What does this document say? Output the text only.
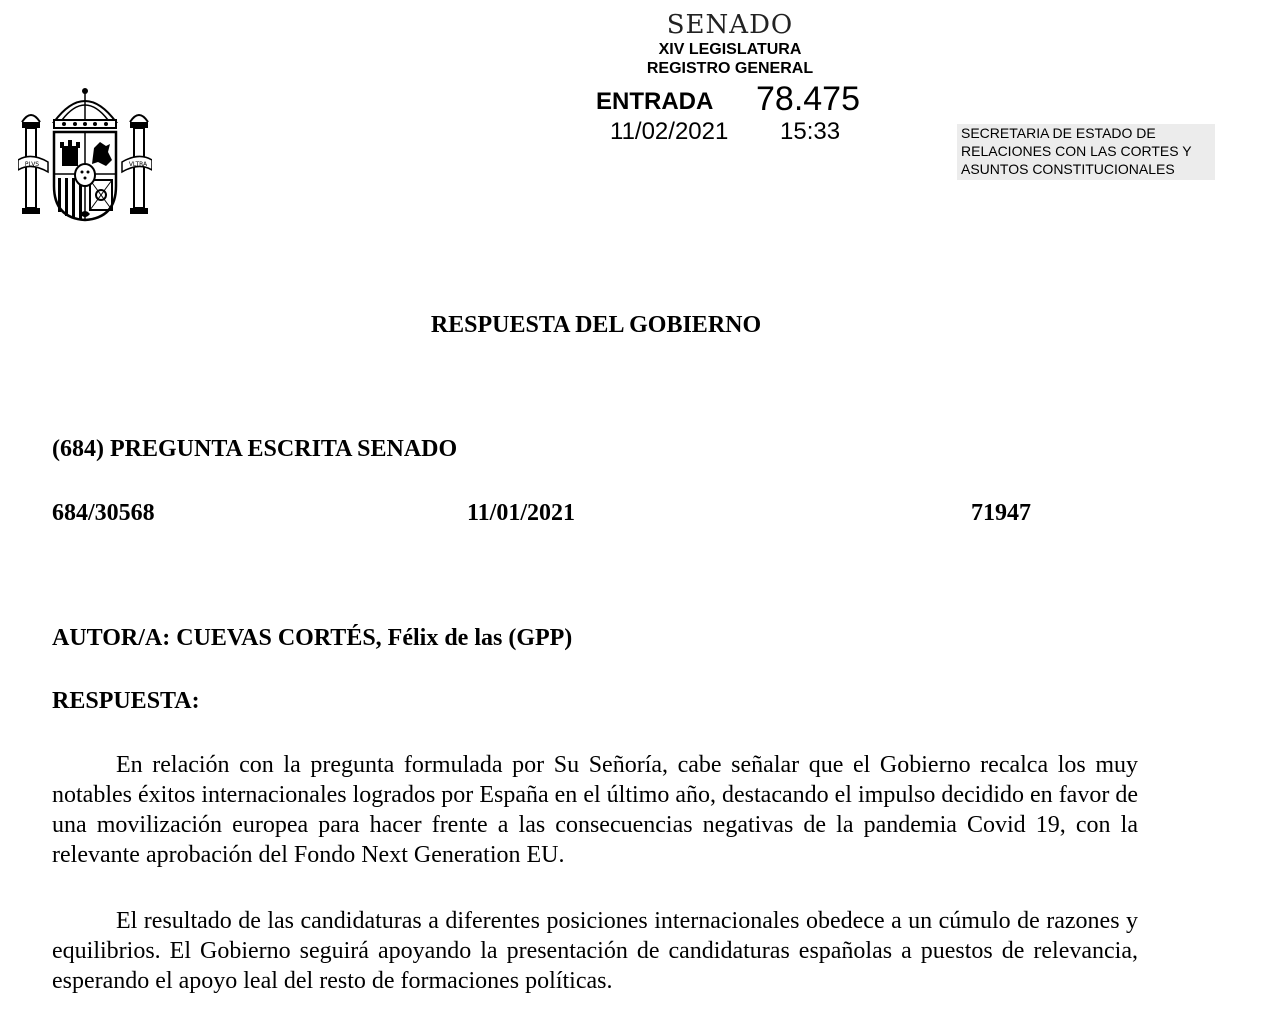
PLVS	VLTRA
SENADO
XIV LEGISLATURA
REGISTRO GENERAL
ENTRADA 78.475
11/02/2021 15:33	SECRETARIA DE ESTADO DE
RELACIONES CON LAS CORTES Y
ASUNTOS CONSTITUCIONALES
RESPUESTA DEL GOBIERNO
(684) PREGUNTA ESCRITA SENADO
684/30568	11/01/2021	71947
AUTOR/A: CUEVAS CORTÉS, Félix de las (GPP)
RESPUESTA:

En relación con la pregunta formulada por Su Señoría, cabe señalar que el Gobierno recalca los muy notables éxitos internacionales logrados por España en el último año, destacando el impulso decidido en favor de una movilización europea para hacer frente a las consecuencias negativas de la pandemia Covid 19, con la relevante aprobación del Fondo Next Generation EU.

El resultado de las candidaturas a diferentes posiciones internacionales obedece a un cúmulo de razones y equilibrios. El Gobierno seguirá apoyando la presentación de candidaturas españolas a puestos de relevancia, esperando el apoyo leal del resto de formaciones políticas.
